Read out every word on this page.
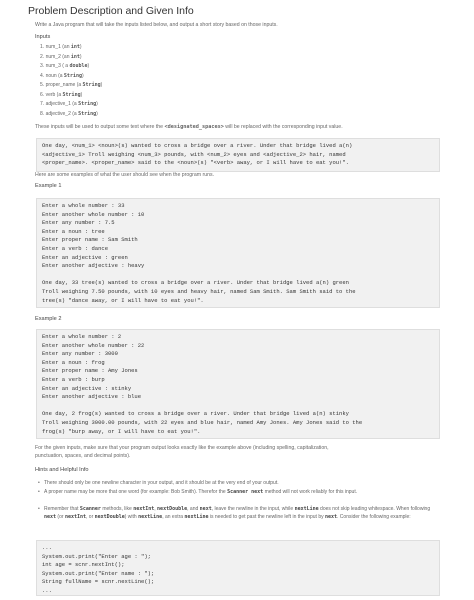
Problem Description and Given Info
Write a Java program that will take the inputs listed below, and output a short story based on those inputs.
Inputs
1. num_1 (an int)
2. num_2 (an int)
3. num_3 ( a double)
4. noun (a String)
5. proper_name (a String)
6. verb (a String)
7. adjective_1 (a String)
8. adjective_2 (a String)
These inputs will be used to output some text where the <designated_spaces> will be replaced with the corresponding input value.
One day, <num_1> <noun>(s) wanted to cross a bridge over a river. Under that bridge lived a(n)
<adjective_1> Troll weighing <num_3> pounds, with <num_2> eyes and <adjective_2> hair, named
<proper_name>. <proper_name> said to the <noun>(s) "<verb> away, or I will have to eat you!".
Here are some examples of what the user should see when the program runs.
Example 1
Enter a whole number : 33
Enter another whole number : 10
Enter any number : 7.5
Enter a noun : tree
Enter proper name : Sam Smith
Enter a verb : dance
Enter an adjective : green
Enter another adjective : heavy
One day, 33 tree(s) wanted to cross a bridge over a river. Under that bridge lived a(n) green
Troll weighing 7.50 pounds, with 10 eyes and heavy hair, named Sam Smith. Sam Smith said to the
tree(s) "dance away, or I will have to eat you!".
Example 2
Enter a whole number : 2
Enter another whole number : 22
Enter any number : 3000
Enter a noun : frog
Enter proper name : Amy Jones
Enter a verb : burp
Enter an adjective : stinky
Enter another adjective : blue
One day, 2 frog(s) wanted to cross a bridge over a river. Under that bridge lived a(n) stinky
Troll weighing 3000.00 pounds, with 22 eyes and blue hair, named Amy Jones. Amy Jones said to the
frog(s) "burp away, or I will have to eat you!".
For the given inputs, make sure that your program output looks exactly like the example above (including spelling, capitalization,
punctuation, spaces, and decimal points).
Hints and Helpful Info
• There should only be one newline character in your output, and it should be at the very end of your output.
• A proper name may be more that one word (for example: Bob Smith). Therefor the Scanner next method will not work reliably for this input.
• Remember that Scanner methods, like nextInt, nextDouble, and next, leave the newline in the input, while nextLine does not skip leading whitespace. When following next (or nextInt, or nextDouble) with nextLine, an extra nextLine is needed to get past the newline left in the input by next. Consider the following example:
...
System.out.print("Enter age : ");
int age = scnr.nextInt();
System.out.print("Enter name : ");
String fullName = scnr.nextLine();
...
